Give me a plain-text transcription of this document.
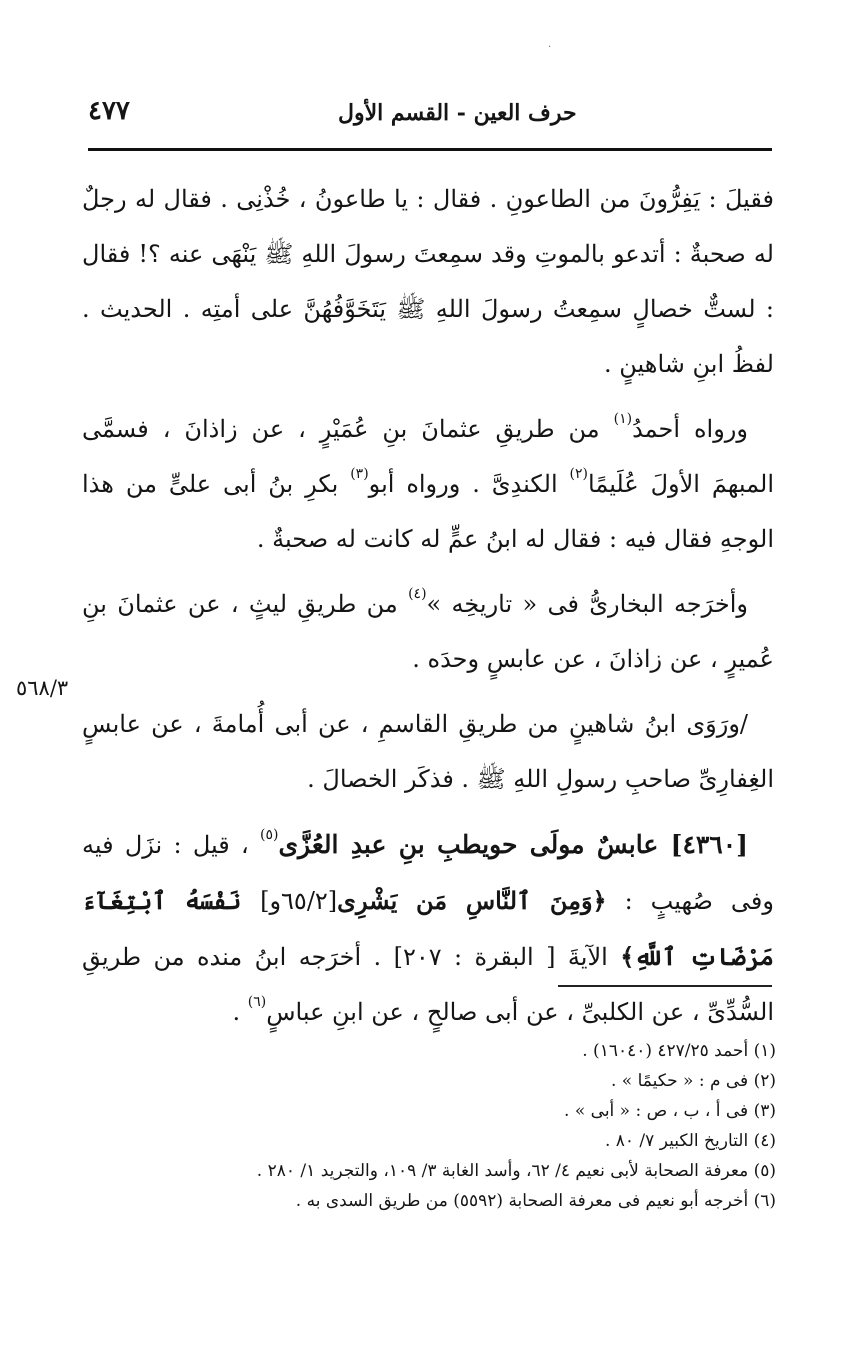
·
٤٧٧	حرف العين - القسم الأول

فقيلَ : يَفِرُّونَ من الطاعونِ . فقال : يا طاعونُ ، خُذْنِى . فقال له رجلٌ له صحبةٌ : أتدعو بالموتِ وقد سمِعتَ رسولَ اللهِ ﷺ يَنْهَى عنه ؟! فقال : لستٌّ خصالٍ سمِعتُ رسولَ اللهِ ﷺ يَتَخَوَّفُهُنَّ على أمتِه . الحديث . لفظُ ابنِ شاهينٍ .

ورواه أحمدُ$^{(١)}$ من طريقِ عثمانَ بنِ عُمَيْرٍ ، عن زاذانَ ، فسمَّى المبهمَ الأولَ عُلَيمًا$^{(٢)}$ الكندِىَّ . ورواه أبو$^{(٣)}$ بكرِ بنُ أبى علىٍّ من هذا الوجهِ فقال فيه : فقال له ابنُ عمٍّ له كانت له صحبةٌ .

وأخرَجه البخارىُّ فى « تاريخِه »$^{(٤)}$ من طريقِ ليثٍ ، عن عثمانَ بنِ عُميرٍ ، عن زاذانَ ، عن عابسٍ وحدَه .

/ورَوَى ابنُ شاهينٍ من طريقِ القاسمِ ، عن أبى أُمامةَ ، عن عابسٍ الغِفارِىِّ صاحبِ رسولِ اللهِ ﷺ . فذكَر الخصالَ .

[٤٣٦٠] عابسٌ مولَى حويطبِ بنِ عبدِ العُزَّى$^{(٥)}$ ، قيل : نزَل فيه وفى صُهيبٍ : ﴿وَمِنَ ٱلنَّاسِ مَن يَشْرِى[٦٥/٢و] نَفْسَهُ ٱبْتِغَآءَ مَرْضَاتِ ٱللَّهِ﴾ الآيةَ [ البقرة : ٢٠٧] . أخرَجه ابنُ منده من طريقِ السُّدِّىِّ ، عن الكلبىِّ ، عن أبى صالحٍ ، عن ابنِ عباسٍ$^{(٦)}$ .

٥٦٨/٣
(١) أحمد ٤٢٧/٢٥ (١٦٠٤٠) .
(٢) فى م : « حكيمًا » .
(٣) فى أ ، ب ، ص : « أبى » .
(٤) التاريخ الكبير ٧/ ٨٠ .
(٥) معرفة الصحابة لأبى نعيم ٤/ ٦٢، وأسد الغابة ٣/ ١٠٩، والتجريد ١/ ٢٨٠ .
(٦) أخرجه أبو نعيم فى معرفة الصحابة (٥٥٩٢) من طريق السدى به .
